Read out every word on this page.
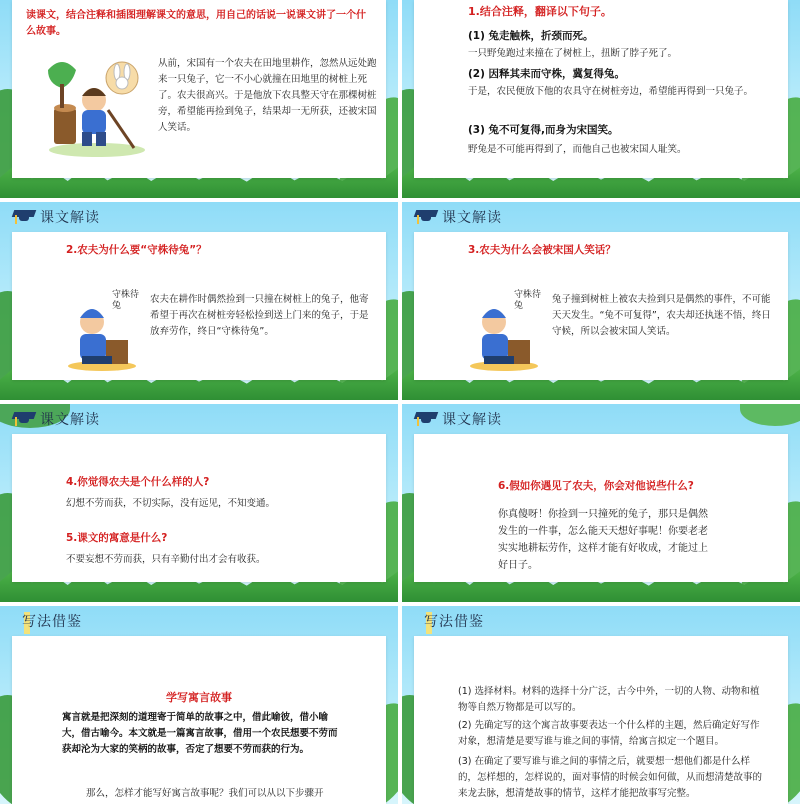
读课文，结合注释和插图理解课文的意思，用自己的话说一说课文讲了一个什么故事。
从前，宋国有一个农夫在田地里耕作，忽然从远处跑来一只兔子，它一不小心就撞在田地里的树桩上死了。农夫很高兴。于是他放下农具整天守在那棵树桩旁，希望能再捡到兔子，结果却一无所获，还被宋国人笑话。
1.结合注释，翻译以下句子。
(1) 兔走触株，折颈而死。
一只野兔跑过来撞在了树桩上，扭断了脖子死了。
(2) 因释其耒而守株，冀复得兔。
于是，农民便放下他的农具守在树桩旁边，希望能再得到一只兔子。
(3) 兔不可复得,而身为宋国笑。
野兔是不可能再得到了，而他自己也被宋国人耻笑。
课文解读
2.农夫为什么要“守株待兔”？
守株待兔
农夫在耕作时偶然捡到一只撞在树桩上的兔子，他寄希望于再次在树桩旁轻松捡到送上门来的兔子，于是放弃劳作，终日“守株待兔”。
课文解读
3.农夫为什么会被宋国人笑话？
守株待兔
兔子撞到树桩上被农夫捡到只是偶然的事件，不可能天天发生。“兔不可复得”，农夫却还执迷不悟，终日守候，所以会被宋国人笑话。
课文解读
4.你觉得农夫是个什么样的人?
幻想不劳而获，不切实际，没有远见，不知变通。
5.课文的寓意是什么?
不要妄想不劳而获，只有辛勤付出才会有收获。
课文解读
6.假如你遇见了农夫，你会对他说些什么?
你真傻呀！你捡到一只撞死的兔子，那只是偶然发生的一件事，怎么能天天想好事呢！你要老老实实地耕耘劳作，这样才能有好收成，才能过上好日子。
写法借鉴
学写寓言故事
寓言就是把深刻的道理寄于简单的故事之中，借此喻彼，借小喻大，借古喻今。本文就是一篇寓言故事，借用一个农民想要不劳而获却沦为大家的笑柄的故事，否定了想要不劳而获的行为。
那么，怎样才能写好寓言故事呢？我们可以从以下步骤开
写法借鉴
(1) 选择材料。材料的选择十分广泛，古今中外，一切的人物、动物和植物等自然万物都是可以写的。
(2) 先确定写的这个寓言故事要表达一个什么样的主题，然后确定好写作对象，想清楚是要写谁与谁之间的事情，给寓言拟定一个题目。
(3) 在确定了要写谁与谁之间的事情之后，就要想一想他们都是什么样的，怎样想的，怎样说的，面对事情的时候会如何做，从而想清楚故事的来龙去脉，想清楚故事的情节，这样才能把故事写完整。
